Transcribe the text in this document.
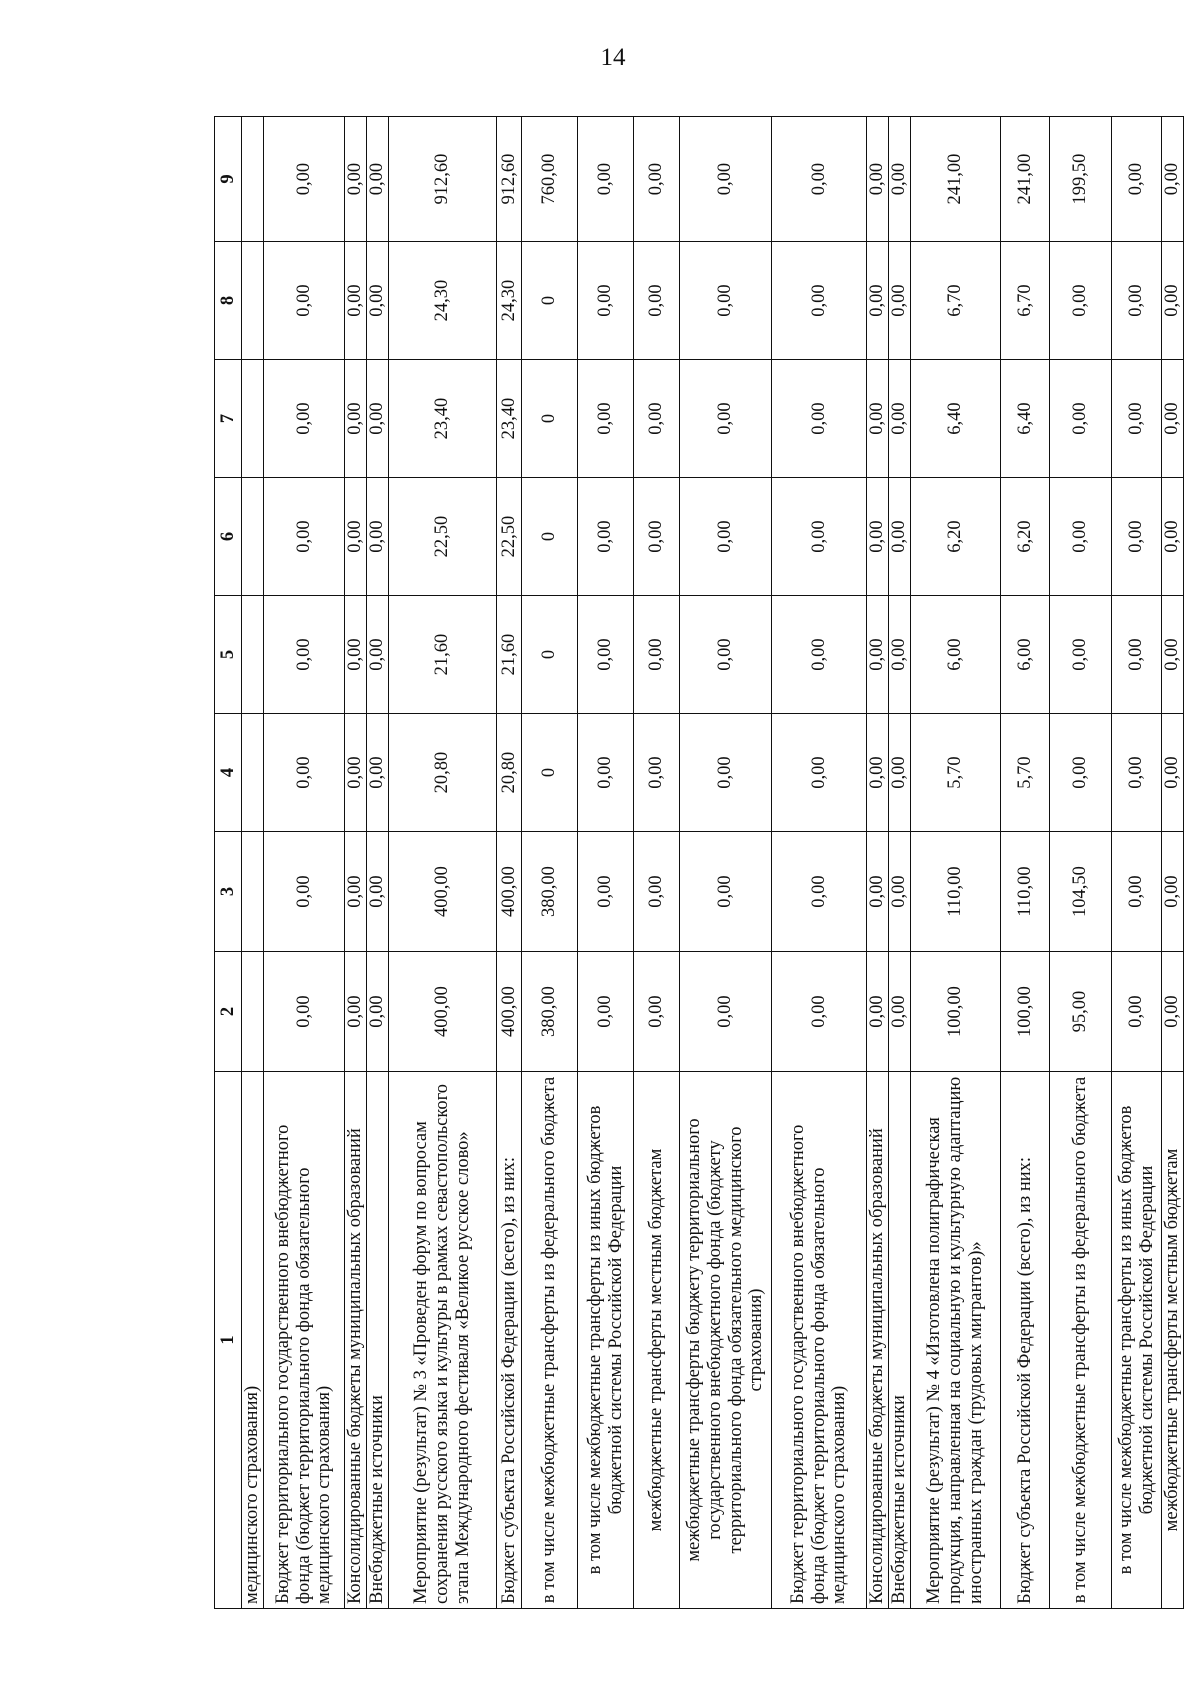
14
1	2	3	4	5	6	7	8	9
медицинского страхования)								
Бюджет территориального государственного внебюджетного фонда (бюджет территориального фонда обязательного медицинского страхования)	0,00	0,00	0,00	0,00	0,00	0,00	0,00	0,00
Консолидированные бюджеты муниципальных образований	0,00	0,00	0,00	0,00	0,00	0,00	0,00	0,00
Внебюджетные источники	0,00	0,00	0,00	0,00	0,00	0,00	0,00	0,00
Мероприятие (результат) № 3 «Проведен форум по вопросам сохранения русского языка и культуры в рамках севастопольского этапа Международного фестиваля «Великое русское слово»	400,00	400,00	20,80	21,60	22,50	23,40	24,30	912,60
Бюджет субъекта Российской Федерации (всего), из них:	400,00	400,00	20,80	21,60	22,50	23,40	24,30	912,60
в том числе межбюджетные трансферты из федерального бюджета	380,00	380,00	0	0	0	0	0	760,00
в том числе межбюджетные трансферты из иных бюджетов бюджетной системы Российской Федерации	0,00	0,00	0,00	0,00	0,00	0,00	0,00	0,00
межбюджетные трансферты местным бюджетам	0,00	0,00	0,00	0,00	0,00	0,00	0,00	0,00
межбюджетные трансферты бюджету территориального государственного внебюджетного фонда (бюджету территориального фонда обязательного медицинского страхования)	0,00	0,00	0,00	0,00	0,00	0,00	0,00	0,00
Бюджет территориального государственного внебюджетного фонда (бюджет территориального фонда обязательного медицинского страхования)	0,00	0,00	0,00	0,00	0,00	0,00	0,00	0,00
Консолидированные бюджеты муниципальных образований	0,00	0,00	0,00	0,00	0,00	0,00	0,00	0,00
Внебюджетные источники	0,00	0,00	0,00	0,00	0,00	0,00	0,00	0,00
Мероприятие (результат) № 4 «Изготовлена полиграфическая продукция, направленная на социальную и культурную адаптацию иностранных граждан (трудовых мигрантов)»	100,00	110,00	5,70	6,00	6,20	6,40	6,70	241,00
Бюджет субъекта Российской Федерации (всего), из них:	100,00	110,00	5,70	6,00	6,20	6,40	6,70	241,00
в том числе межбюджетные трансферты из федерального бюджета	95,00	104,50	0,00	0,00	0,00	0,00	0,00	199,50
в том числе межбюджетные трансферты из иных бюджетов бюджетной системы Российской Федерации	0,00	0,00	0,00	0,00	0,00	0,00	0,00	0,00
межбюджетные трансферты местным бюджетам	0,00	0,00	0,00	0,00	0,00	0,00	0,00	0,00
